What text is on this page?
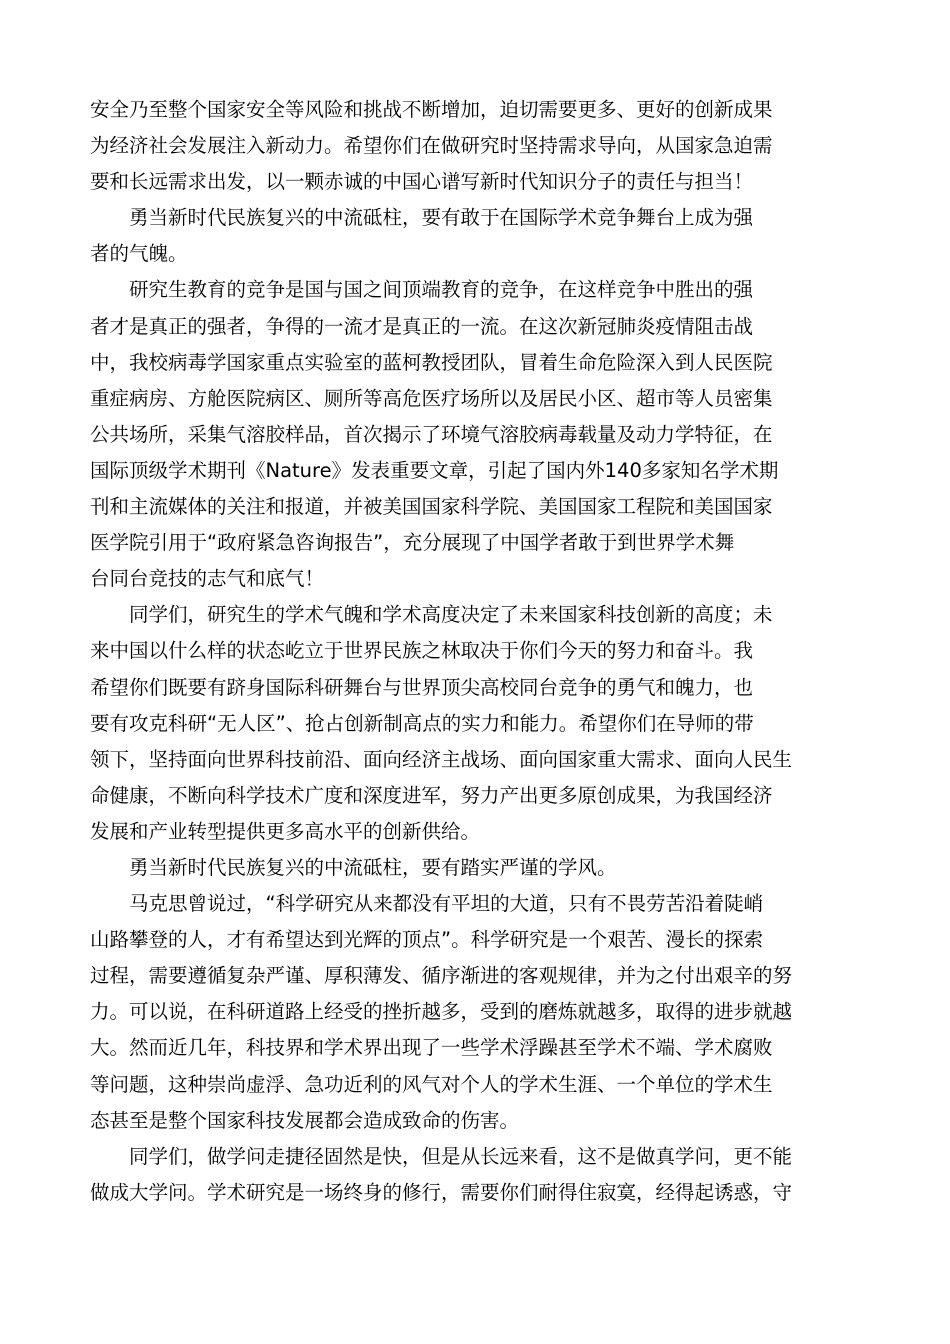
安全乃至整个国家安全等风险和挑战不断增加，迫切需要更多、更好的创新成果
为经济社会发展注入新动力。希望你们在做研究时坚持需求导向，从国家急迫需
要和长远需求出发，以一颗赤诚的中国心谱写新时代知识分子的责任与担当！
勇当新时代民族复兴的中流砥柱，要有敢于在国际学术竞争舞台上成为强
者的气魄。
研究生教育的竞争是国与国之间顶端教育的竞争，在这样竞争中胜出的强
者才是真正的强者，争得的一流才是真正的一流。在这次新冠肺炎疫情阻击战
中，我校病毒学国家重点实验室的蓝柯教授团队，冒着生命危险深入到人民医院
重症病房、方舱医院病区、厕所等高危医疗场所以及居民小区、超市等人员密集
公共场所，采集气溶胶样品，首次揭示了环境气溶胶病毒载量及动力学特征，在
国际顶级学术期刊《Nature》发表重要文章，引起了国内外140多家知名学术期
刊和主流媒体的关注和报道，并被美国国家科学院、美国国家工程院和美国国家
医学院引用于“政府紧急咨询报告”，充分展现了中国学者敢于到世界学术舞
台同台竞技的志气和底气！
同学们，研究生的学术气魄和学术高度决定了未来国家科技创新的高度；未
来中国以什么样的状态屹立于世界民族之林取决于你们今天的努力和奋斗。我
希望你们既要有跻身国际科研舞台与世界顶尖高校同台竞争的勇气和魄力，也
要有攻克科研“无人区”、抢占创新制高点的实力和能力。希望你们在导师的带
领下，坚持面向世界科技前沿、面向经济主战场、面向国家重大需求、面向人民生
命健康，不断向科学技术广度和深度进军，努力产出更多原创成果，为我国经济
发展和产业转型提供更多高水平的创新供给。
勇当新时代民族复兴的中流砥柱，要有踏实严谨的学风。
马克思曾说过，“科学研究从来都没有平坦的大道，只有不畏劳苦沿着陡峭
山路攀登的人，才有希望达到光辉的顶点”。科学研究是一个艰苦、漫长的探索
过程，需要遵循复杂严谨、厚积薄发、循序渐进的客观规律，并为之付出艰辛的努
力。可以说，在科研道路上经受的挫折越多，受到的磨炼就越多，取得的进步就越
大。然而近几年，科技界和学术界出现了一些学术浮躁甚至学术不端、学术腐败
等问题，这种崇尚虚浮、急功近利的风气对个人的学术生涯、一个单位的学术生
态甚至是整个国家科技发展都会造成致命的伤害。
同学们，做学问走捷径固然是快，但是从长远来看，这不是做真学问，更不能
做成大学问。学术研究是一场终身的修行，需要你们耐得住寂寞，经得起诱惑，守
